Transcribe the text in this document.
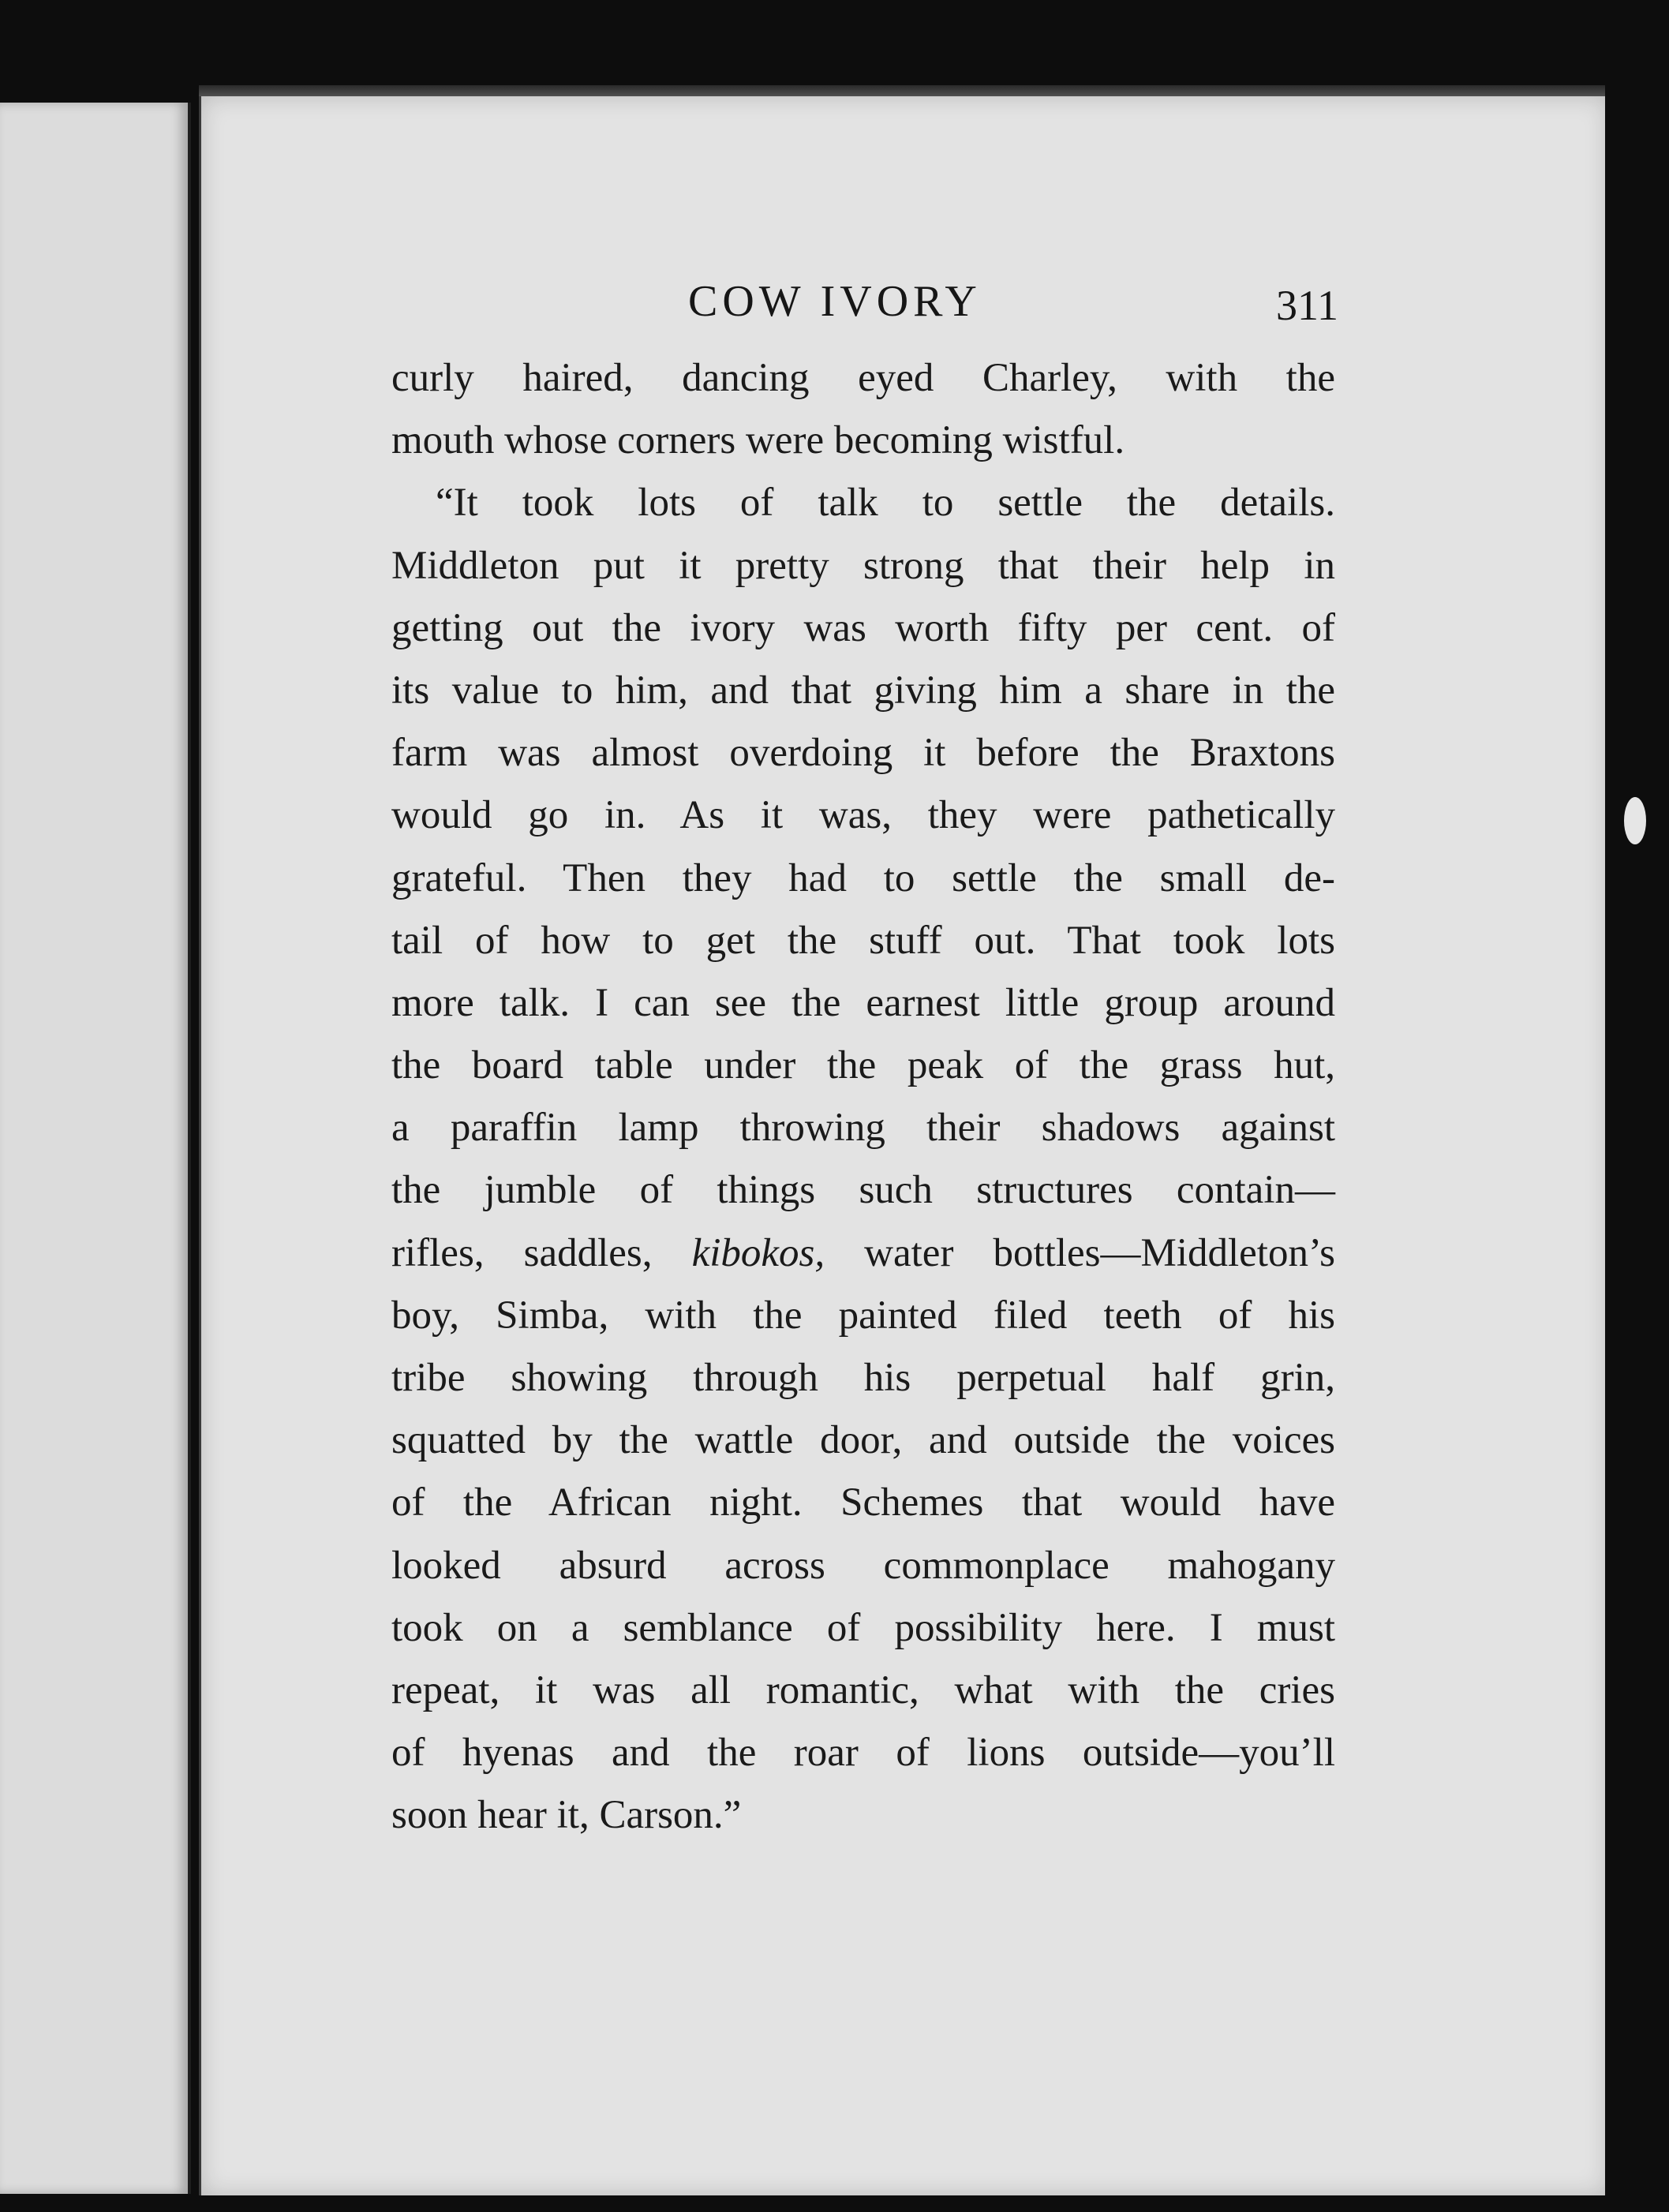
COW IVORY	311
curly haired, dancing eyed Charley, with the
mouth whose corners were becoming wistful.
“It took lots of talk to settle the details.
Middleton put it pretty strong that their help in
getting out the ivory was worth fifty per cent. of
its value to him, and that giving him a share in the
farm was almost overdoing it before the Braxtons
would go in. As it was, they were pathetically
grateful. Then they had to settle the small de-
tail of how to get the stuff out. That took lots
more talk. I can see the earnest little group around
the board table under the peak of the grass hut,
a paraffin lamp throwing their shadows against
the jumble of things such structures contain—
rifles, saddles, kibokos, water bottles—Middleton’s
boy, Simba, with the painted filed teeth of his
tribe showing through his perpetual half grin,
squatted by the wattle door, and outside the voices
of the African night. Schemes that would have
looked absurd across commonplace mahogany
took on a semblance of possibility here. I must
repeat, it was all romantic, what with the cries
of hyenas and the roar of lions outside—you’ll
soon hear it, Carson.”
